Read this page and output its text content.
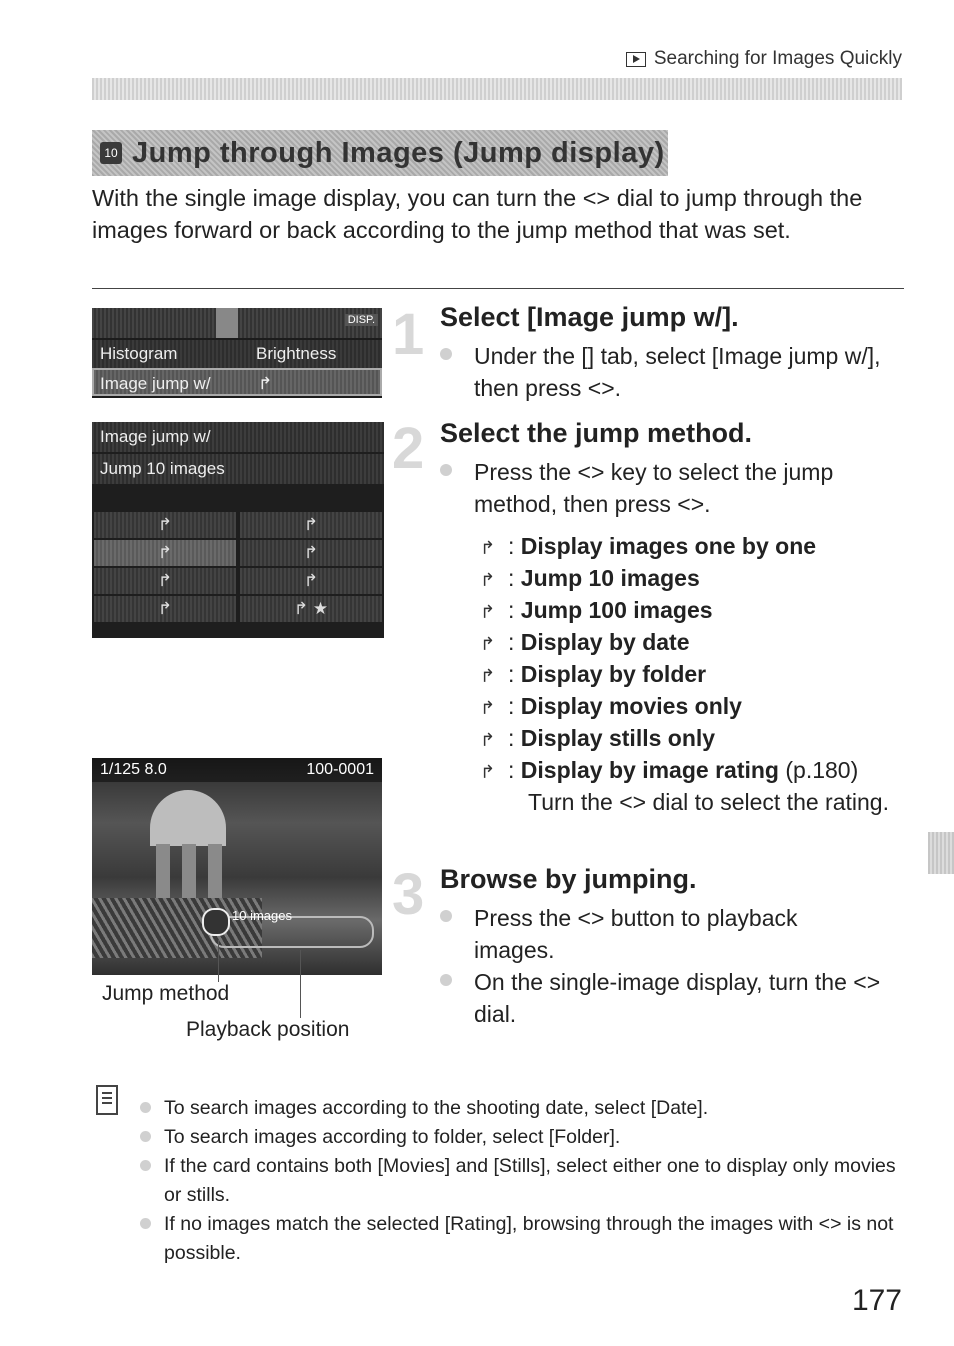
Searching for Images Quickly
10 Jump through Images (Jump display)
With the single image display, you can turn the <⁢> dial to jump through the images forward or back according to the jump method that was set.
DISP.
Histogram	Brightness
Image jump w/	↱
Image jump w/
Jump 10 images
↱	↱
↱	↱
↱	↱
↱	↱ ★
1/125 8.0	100-0001
10 images
Jump method
Playback position
1 Select [Image jump w/⁢].
Under the [⁢] tab, select [Image jump w/⁢], then press <⁢>.
2 Select the jump method.
Press the <⁢> key to select the jump method, then press <⁢>.
↱ : Display images one by one
↱ : Jump 10 images
↱ : Jump 100 images
↱ : Display by date
↱ : Display by folder
↱ : Display movies only
↱ : Display stills only
↱ : Display by image rating (p.180)
Turn the <⁢> dial to select the rating.
3 Browse by jumping.
Press the <⁢> button to playback images.
On the single-image display, turn the <⁢> dial.
To search images according to the shooting date, select [Date].
To search images according to folder, select [Folder].
If the card contains both [Movies] and [Stills], select either one to display only movies or stills.
If no images match the selected [Rating], browsing through the images with <⁢> is not possible.
177
